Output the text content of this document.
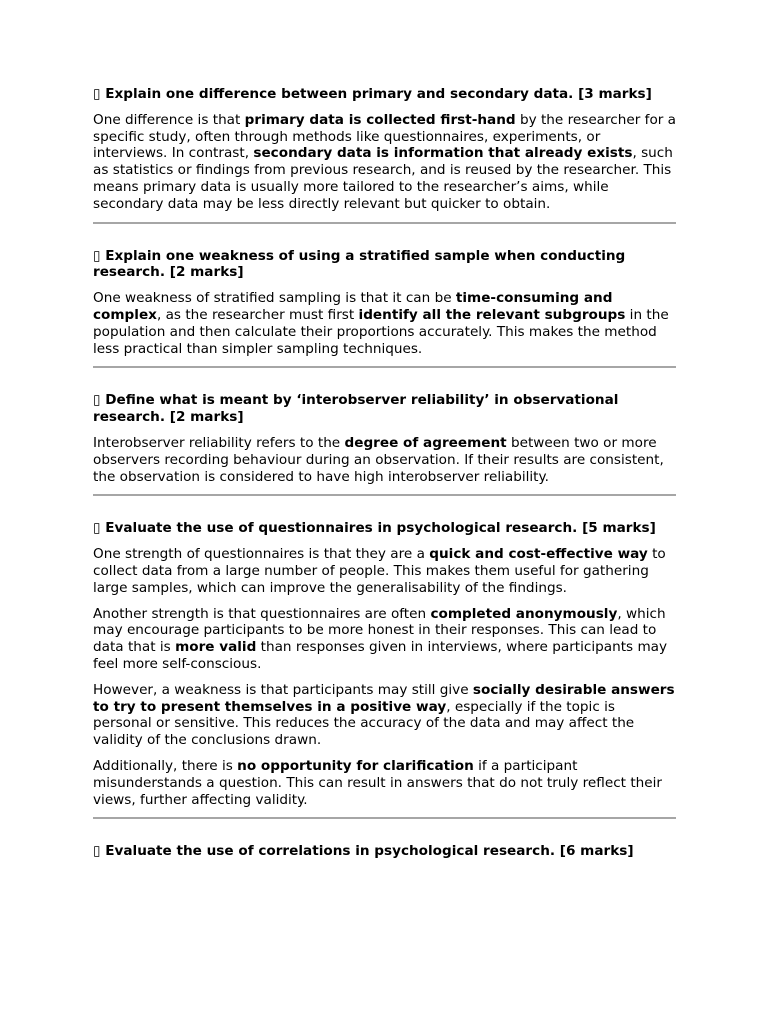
▯ Explain one difference between primary and secondary data. [3 marks]

One difference is that primary data is collected first-hand by the researcher for a specific study, often through methods like questionnaires, experiments, or interviews. In contrast, secondary data is information that already exists, such as statistics or findings from previous research, and is reused by the researcher. This means primary data is usually more tailored to the researcher’s aims, while secondary data may be less directly relevant but quicker to obtain.

▯ Explain one weakness of using a stratified sample when conducting research. [2 marks]

One weakness of stratified sampling is that it can be time-consuming and complex, as the researcher must first identify all the relevant subgroups in the population and then calculate their proportions accurately. This makes the method less practical than simpler sampling techniques.

▯ Define what is meant by ‘interobserver reliability’ in observational research. [2 marks]

Interobserver reliability refers to the degree of agreement between two or more observers recording behaviour during an observation. If their results are consistent, the observation is considered to have high interobserver reliability.

▯ Evaluate the use of questionnaires in psychological research. [5 marks]

One strength of questionnaires is that they are a quick and cost-effective way to collect data from a large number of people. This makes them useful for gathering large samples, which can improve the generalisability of the findings.

Another strength is that questionnaires are often completed anonymously, which may encourage participants to be more honest in their responses. This can lead to data that is more valid than responses given in interviews, where participants may feel more self-conscious.

However, a weakness is that participants may still give socially desirable answers to try to present themselves in a positive way, especially if the topic is personal or sensitive. This reduces the accuracy of the data and may affect the validity of the conclusions drawn.

Additionally, there is no opportunity for clarification if a participant misunderstands a question. This can result in answers that do not truly reflect their views, further affecting validity.

▯ Evaluate the use of correlations in psychological research. [6 marks]
